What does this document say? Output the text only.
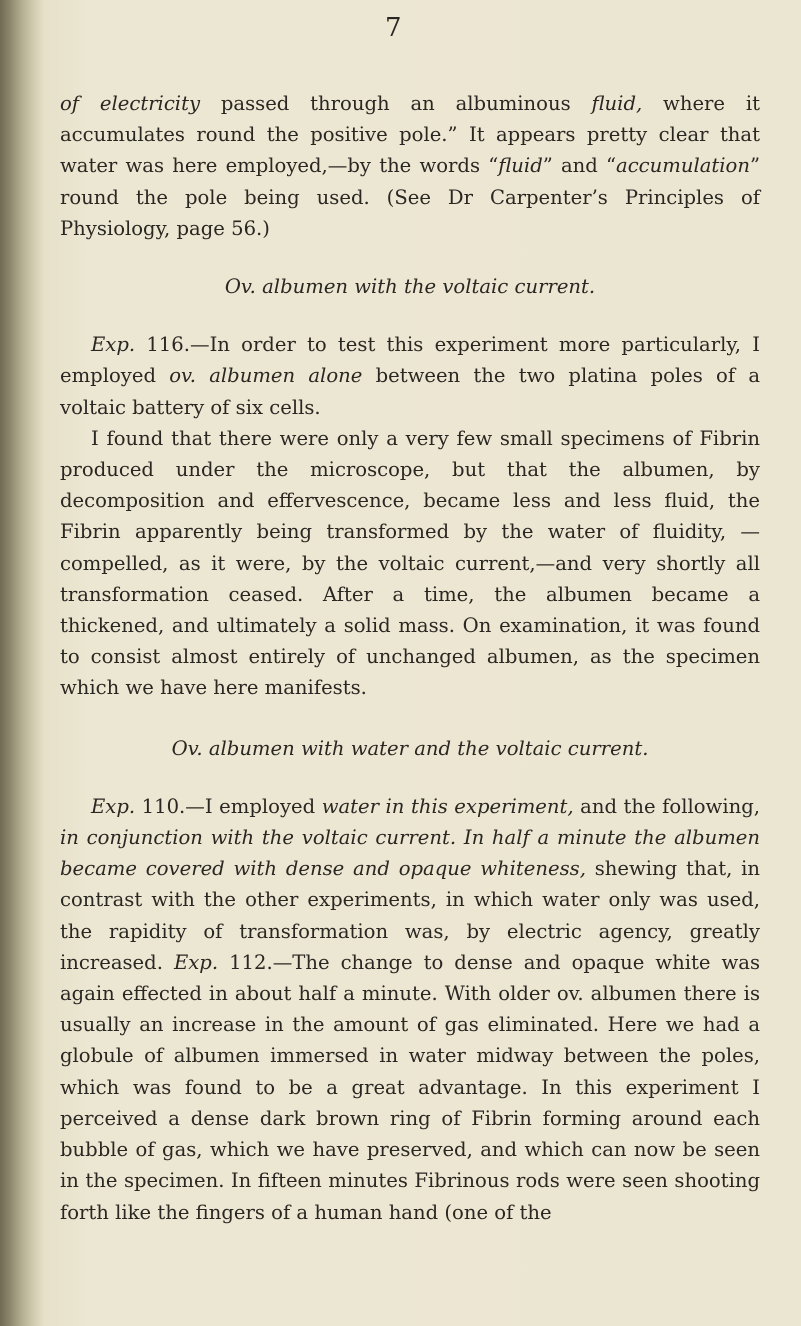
7

of electricity passed through an albuminous fluid, where it accumulates round the positive pole.” It appears pretty clear that water was here employed,—by the words “fluid” and “accumulation” round the pole being used. (See Dr Carpenter’s Principles of Physiology, page 56.)

Ov. albumen with the voltaic current.

Exp. 116.—In order to test this experiment more particularly, I employed ov. albumen alone between the two platina poles of a voltaic battery of six cells.

I found that there were only a very few small specimens of Fibrin produced under the microscope, but that the albumen, by decomposition and effervescence, became less and less fluid, the Fibrin apparently being transformed by the water of fluidity, —compelled, as it were, by the voltaic current,—and very shortly all transformation ceased. After a time, the albumen became a thickened, and ultimately a solid mass. On examination, it was found to consist almost entirely of unchanged albumen, as the specimen which we have here manifests.

Ov. albumen with water and the voltaic current.

Exp. 110.—I employed water in this experiment, and the following, in conjunction with the voltaic current. In half a minute the albumen became covered with dense and opaque whiteness, shewing that, in contrast with the other experiments, in which water only was used, the rapidity of transformation was, by electric agency, greatly increased. Exp. 112.—The change to dense and opaque white was again effected in about half a minute. With older ov. albumen there is usually an increase in the amount of gas eliminated. Here we had a globule of albumen immersed in water midway between the poles, which was found to be a great advantage. In this experiment I perceived a dense dark brown ring of Fibrin forming around each bubble of gas, which we have preserved, and which can now be seen in the specimen. In fifteen minutes Fibrinous rods were seen shooting forth like the fingers of a human hand (one of the
